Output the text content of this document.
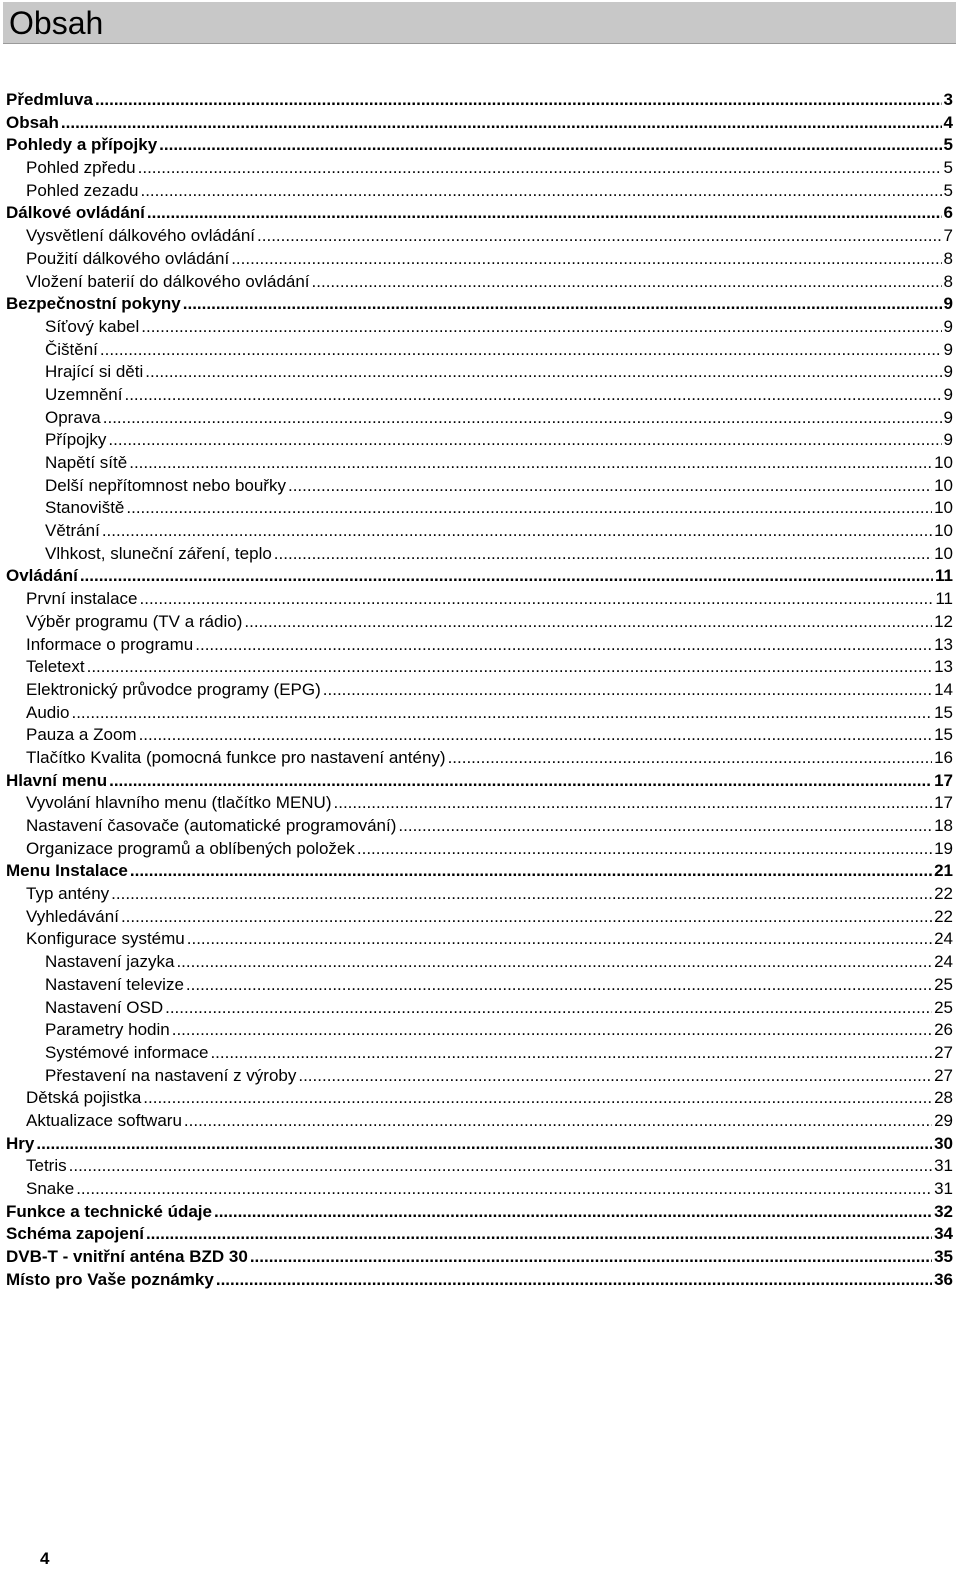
Obsah
Předmluva .....	3
Obsah .....	4
Pohledy a přípojky .....	5
Pohled zpředu .....	5
Pohled zezadu .....	5
Dálkové ovládání .....	6
Vysvětlení dálkového ovládání .....	7
Použití dálkového ovládání .....	8
Vložení baterií do dálkového ovládání .....	8
Bezpečnostní pokyny .....	9
Síťový kabel .....	9
Čištění .....	9
Hrající si děti .....	9
Uzemnění .....	9
Oprava .....	9
Přípojky .....	9
Napětí sítě .....	10
Delší nepřítomnost nebo bouřky .....	10
Stanoviště .....	10
Větrání .....	10
Vlhkost, sluneční záření, teplo .....	10
Ovládání .....	11
První instalace .....	11
Výběr programu (TV a rádio) .....	12
Informace o programu .....	13
Teletext .....	13
Elektronický průvodce programy (EPG) .....	14
Audio .....	15
Pauza a Zoom .....	15
Tlačítko Kvalita (pomocná funkce pro nastavení antény) .....	16
Hlavní menu .....	17
Vyvolání hlavního menu (tlačítko MENU) .....	17
Nastavení časovače (automatické programování) .....	18
Organizace programů a oblíbených položek .....	19
Menu Instalace .....	21
Typ antény .....	22
Vyhledávání .....	22
Konfigurace systému .....	24
Nastavení jazyka .....	24
Nastavení televize .....	25
Nastavení OSD .....	25
Parametry hodin .....	26
Systémové informace .....	27
Přestavení na nastavení z výroby .....	27
Dětská pojistka .....	28
Aktualizace softwaru .....	29
Hry .....	30
Tetris .....	31
Snake .....	31
Funkce a technické údaje .....	32
Schéma zapojení .....	34
DVB-T - vnitřní anténa BZD 30 .....	35
Místo pro Vaše poznámky .....	36
4
